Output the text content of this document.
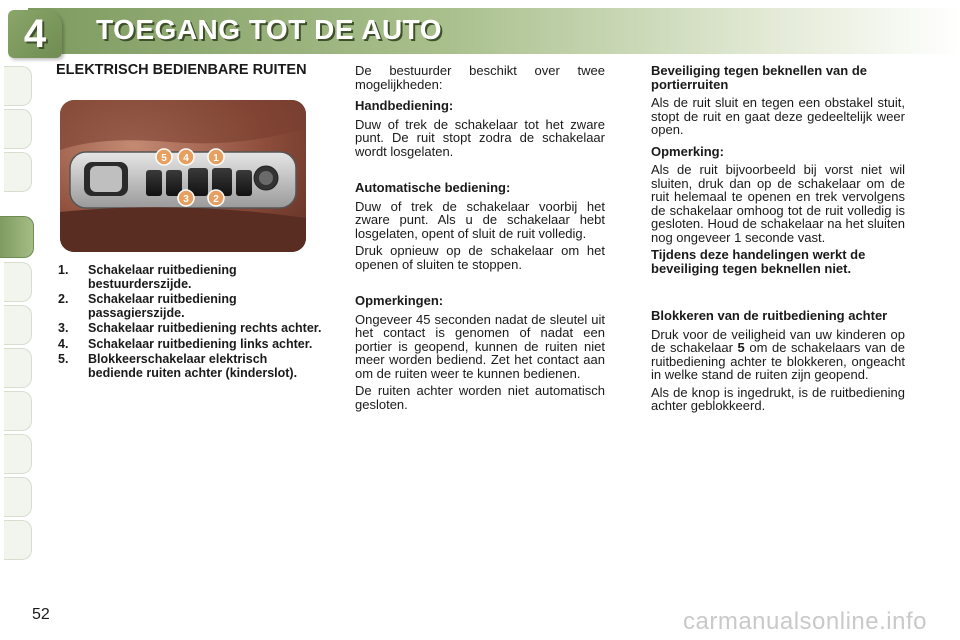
4 TOEGANG TOT DE AUTO
ELEKTRISCH BEDIENBARE RUITEN
5 4 1
3 2
1.	Schakelaar ruitbediening bestuurderszijde.
2.	Schakelaar ruitbediening passagierszijde.
3.	Schakelaar ruitbediening rechts achter.
4.	Schakelaar ruitbediening links achter.
5.	Blokkeerschakelaar elektrisch bediende ruiten achter (kinderslot).

De bestuurder beschikt over twee mogelijkheden:

Handbediening:

Duw of trek de schakelaar tot het zware punt. De ruit stopt zodra de schakelaar wordt losgelaten.

Automatische bediening:

Duw of trek de schakelaar voorbij het zware punt. Als u de schakelaar hebt losgelaten, opent of sluit de ruit volledig.

Druk opnieuw op de schakelaar om het openen of sluiten te stoppen.

Opmerkingen:

Ongeveer 45 seconden nadat de sleutel uit het contact is genomen of nadat een portier is geopend, kunnen de ruiten niet meer worden bediend. Zet het contact aan om de ruiten weer te kunnen bedienen.

De ruiten achter worden niet automatisch gesloten.

Beveiliging tegen beknellen van de portierruiten

Als de ruit sluit en tegen een obstakel stuit, stopt de ruit en gaat deze gedeeltelijk weer open.

Opmerking:

Als de ruit bijvoorbeeld bij vorst niet wil sluiten, druk dan op de schakelaar om de ruit helemaal te openen en trek vervolgens de schakelaar omhoog tot de ruit volledig is gesloten. Houd de schakelaar na het sluiten nog ongeveer 1 seconde vast.

Tijdens deze handelingen werkt de beveiliging tegen beknellen niet.

Blokkeren van de ruitbediening achter

Druk voor de veiligheid van uw kinderen op de schakelaar 5 om de schakelaars van de ruitbediening achter te blokkeren, ongeacht in welke stand de ruiten zijn geopend.

Als de knop is ingedrukt, is de ruitbediening achter geblokkeerd.

52	carmanualsonline.info
